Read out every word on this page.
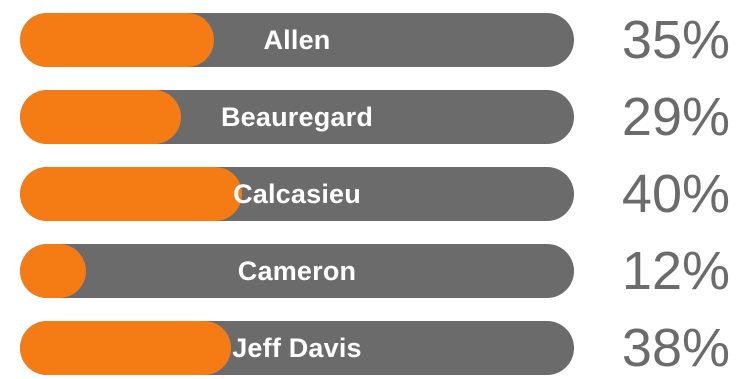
Allen	35%
Beauregard	29%
Calcasieu	40%
Cameron	12%
Jeff Davis	38%
